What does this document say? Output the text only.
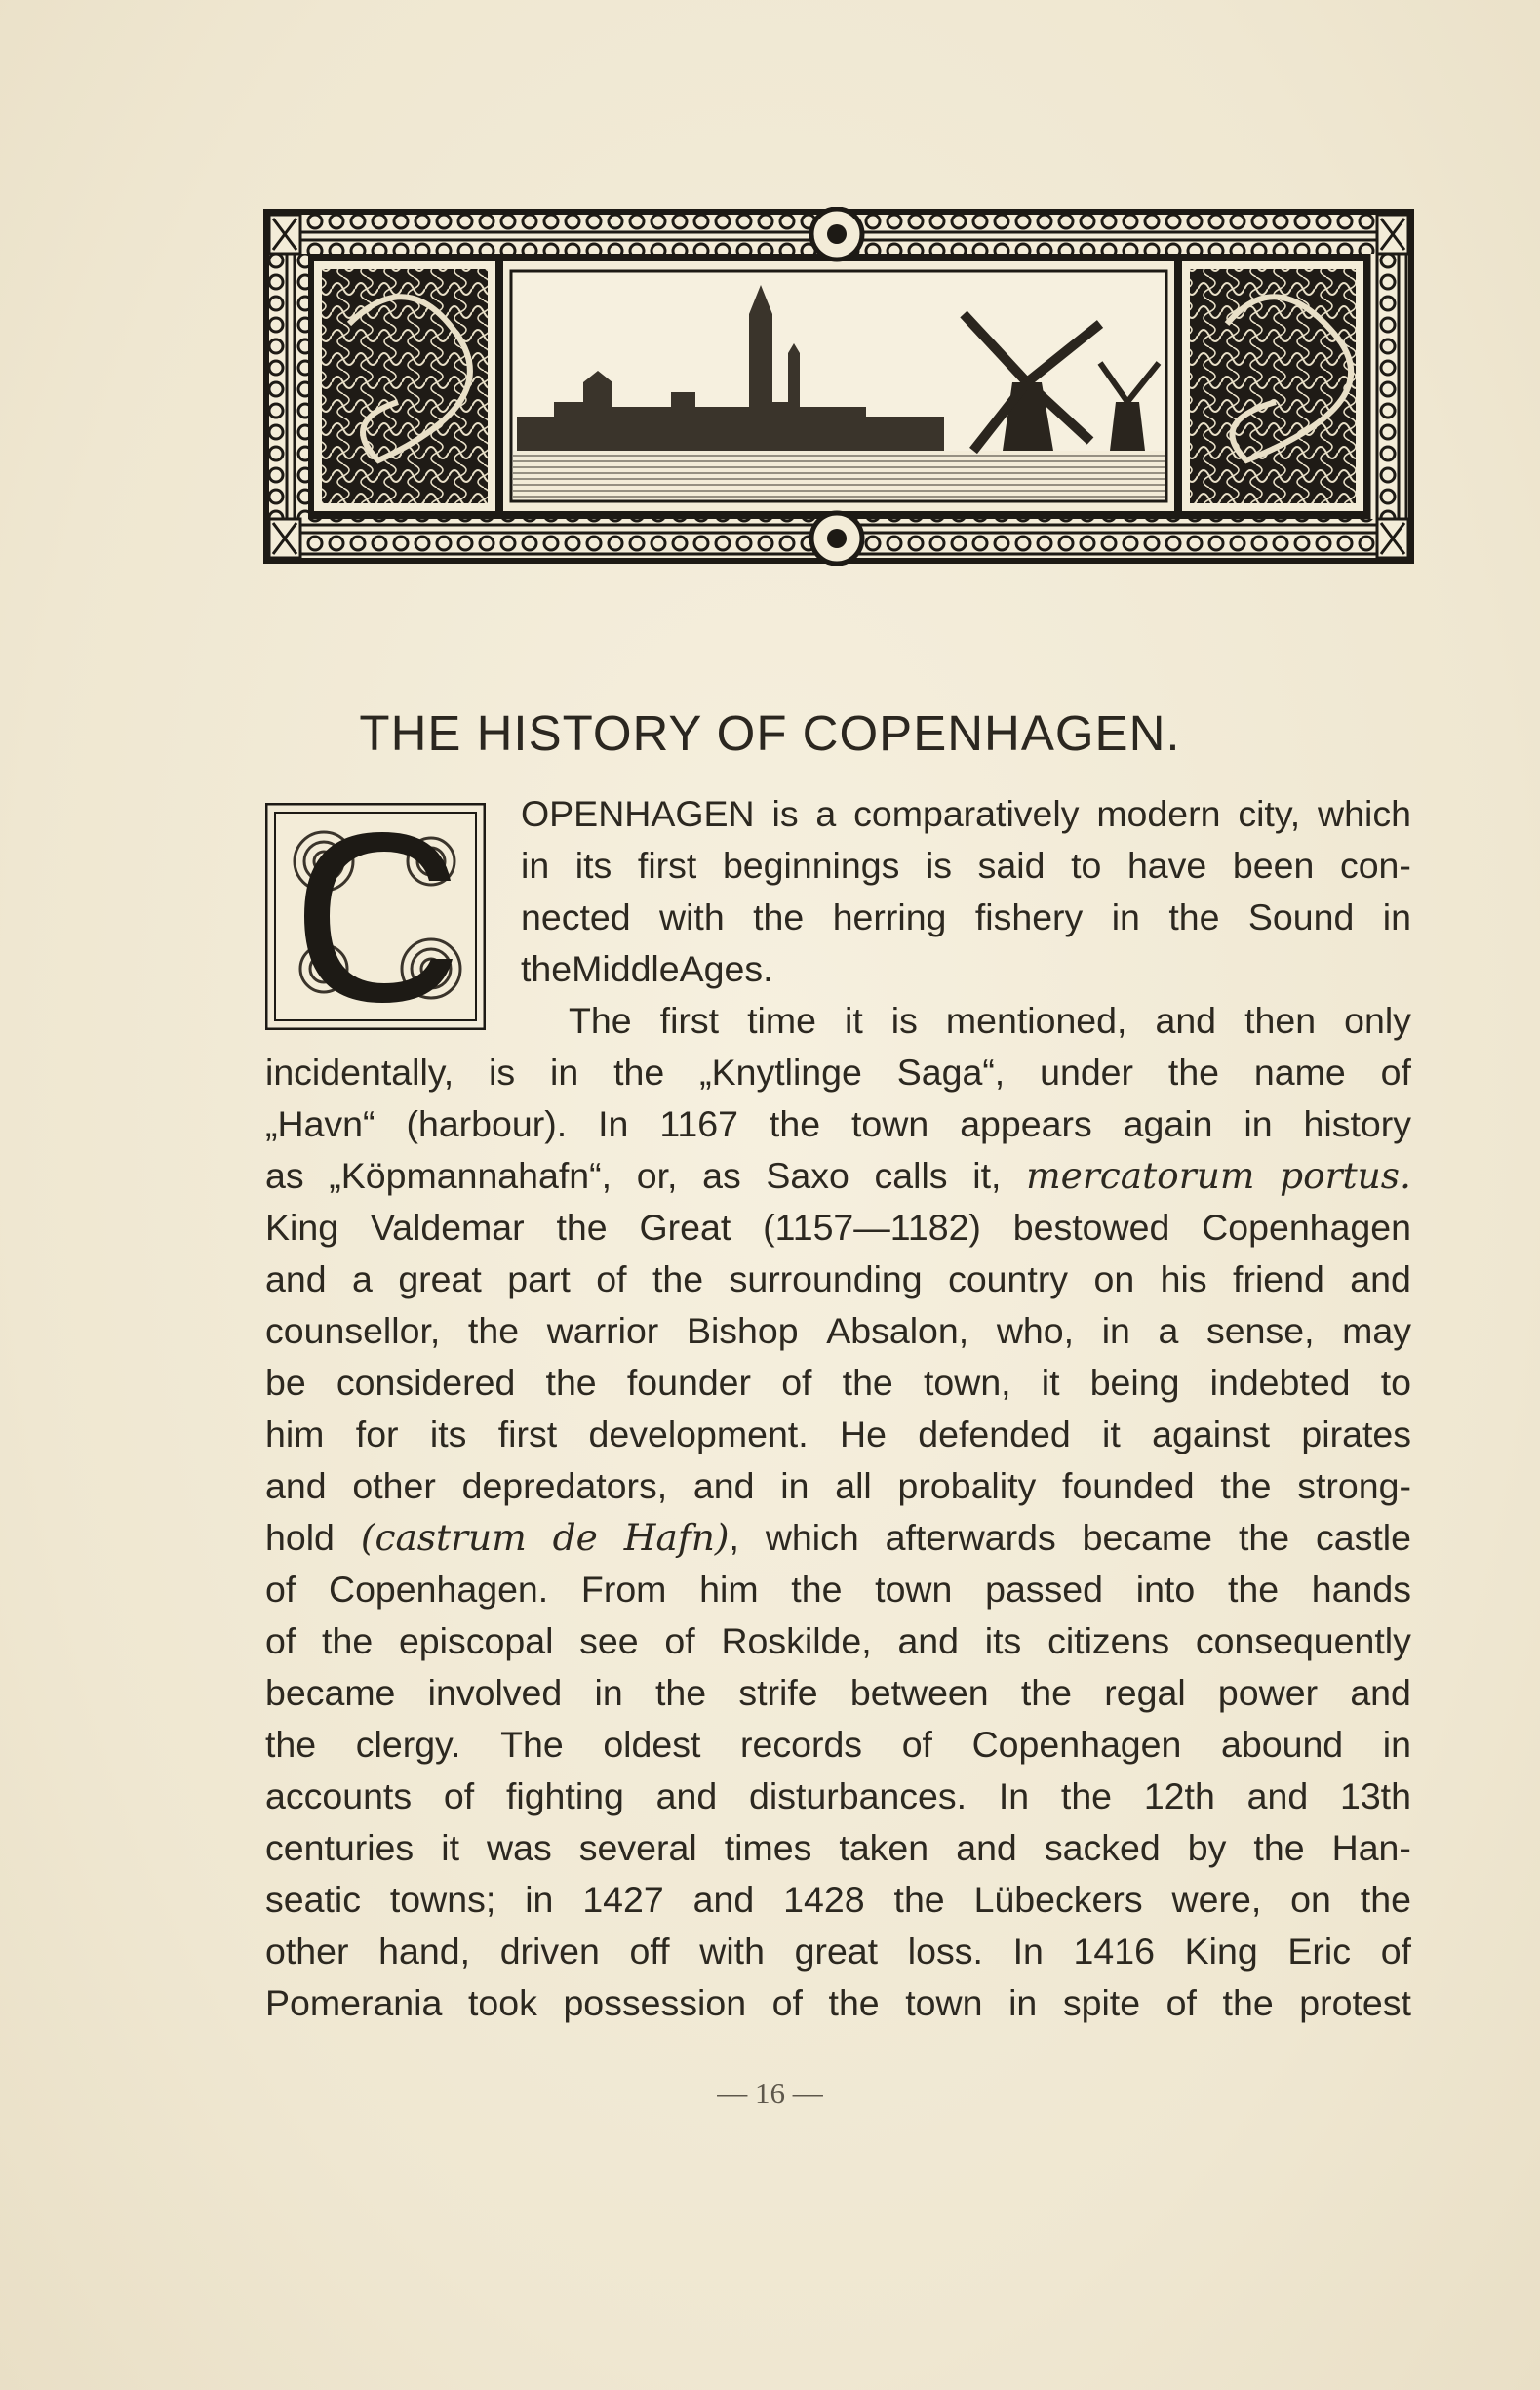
THE HISTORY OF COPENHAGEN.
OPENHAGEN is a comparatively modern city, which
in its first beginnings is said to have been con-
nected with the herring fishery in the Sound in
the Middle Ages.
The first time it is mentioned, and then only
incidentally, is in the „Knytlinge Saga“, under the name of
„Havn“ (harbour). In 1167 the town appears again in history
as „Köpmannahafn“, or, as Saxo calls it, mercatorum portus.
King Valdemar the Great (1157—1182) bestowed Copenhagen
and a great part of the surrounding country on his friend and
counsellor, the warrior Bishop Absalon, who, in a sense, may
be considered the founder of the town, it being indebted to
him for its first development. He defended it against pirates
and other depredators, and in all probality founded the strong-
hold (castrum de Hafn), which afterwards became the castle
of Copenhagen. From him the town passed into the hands
of the episcopal see of Roskilde, and its citizens consequently
became involved in the strife between the regal power and
the clergy. The oldest records of Copenhagen abound in
accounts of fighting and disturbances. In the 12th and 13th
centuries it was several times taken and sacked by the Han-
seatic towns; in 1427 and 1428 the Lübeckers were, on the
other hand, driven off with great loss. In 1416 King Eric of
Pomerania took possession of the town in spite of the protest
— 16 —
